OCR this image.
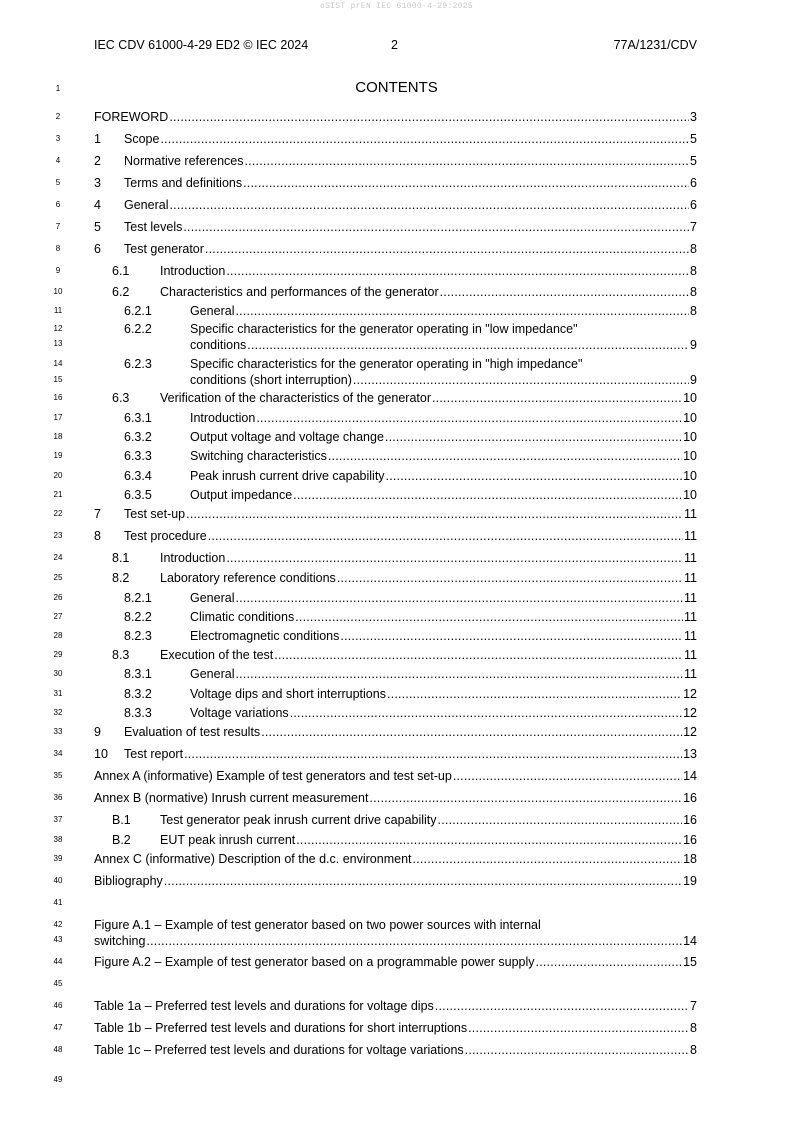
oSIST prEN IEC 61000-4-29:2025
IEC CDV 61000-4-29 ED2 © IEC 2024	2	77A/1231/CDV
CONTENTS
1
2
3
4
5
6
7
8
9
10
11
12
13
14
15
16
17
18
19
20
21
22
23
24
25
26
27
28
29
30
31
32
33
34
35
36
37
38
39
40
41
42
43
44
45
46
47
48
49
FOREWORD .....	3
1	Scope .....	5
2	Normative references .....	5
3	Terms and definitions .....	6
4	General .....	6
5	Test levels .....	7
6	Test generator .....	8
6.1	Introduction .....	8
6.2	Characteristics and performances of the generator .....	8
6.2.1	General .....	8
6.2.2	Specific characteristics for the generator operating in "low impedance"
conditions .....	9
6.2.3	Specific characteristics for the generator operating in "high impedance"
conditions (short interruption) .....	9
6.3	Verification of the characteristics of the generator .....	10
6.3.1	Introduction .....	10
6.3.2	Output voltage and voltage change .....	10
6.3.3	Switching characteristics .....	10
6.3.4	Peak inrush current drive capability .....	10
6.3.5	Output impedance .....	10
7	Test set-up .....	11
8	Test procedure .....	11
8.1	Introduction .....	11
8.2	Laboratory reference conditions .....	11
8.2.1	General .....	11
8.2.2	Climatic conditions .....	11
8.2.3	Electromagnetic conditions .....	11
8.3	Execution of the test .....	11
8.3.1	General .....	11
8.3.2	Voltage dips and short interruptions .....	12
8.3.3	Voltage variations .....	12
9	Evaluation of test results .....	12
10	Test report .....	13
Annex A (informative) Example of test generators and test set-up .....	14
Annex B (normative) Inrush current measurement .....	16
B.1	Test generator peak inrush current drive capability .....	16
B.2	EUT peak inrush current .....	16
Annex C (informative) Description of the d.c. environment .....	18
Bibliography .....	19
Figure A.1 – Example of test generator based on two power sources with internal
switching .....	14
Figure A.2 – Example of test generator based on a programmable power supply .....	15
Table 1a – Preferred test levels and durations for voltage dips .....	7
Table 1b – Preferred test levels and durations for short interruptions .....	8
Table 1c – Preferred test levels and durations for voltage variations .....	8
